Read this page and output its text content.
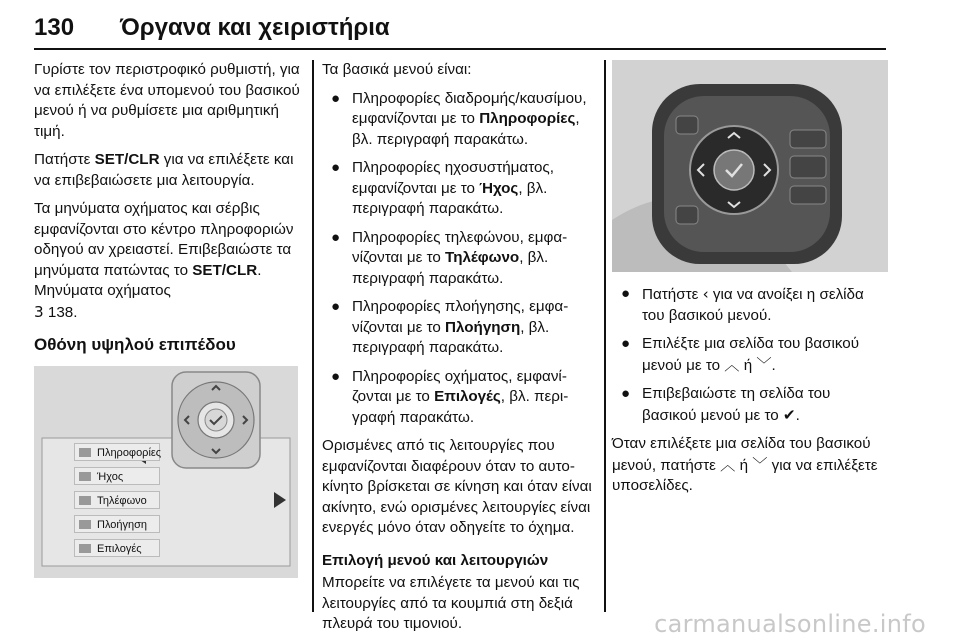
130 Όργανα και χειριστήρια

Γυρίστε τον περιστροφικό ρυθμιστή, για να επιλέξετε ένα υπομενού του βασικού μενού ή να ρυθμίσετε μια αριθμητική τιμή.

Πατήστε SET/CLR για να επιλέξετε και να επιβεβαιώσετε μια λειτουργία.

Τα μηνύματα οχήματος και σέρβις εμφανίζονται στο κέντρο πληροφοριών οδηγού αν χρειαστεί. Επιβεβαιώστε τα μηνύματα πατώντας το SET/CLR. Μηνύματα οχήματος
3 138.

Οθόνη υψηλού επιπέδου
Πληροφορίες
Ήχος
Τηλέφωνο
Πλοήγηση
Επιλογές

Τα βασικά μενού είναι:

● Πληροφορίες διαδρομής/καυσίμου, εμφανίζονται με το Πληροφορίες, βλ. περιγραφή παρακάτω.
● Πληροφορίες ηχοσυστήματος, εμφανίζονται με το Ήχος, βλ. περιγραφή παρακάτω.
● Πληροφορίες τηλεφώνου, εμφανίζονται με το Τηλέφωνο, βλ. περιγραφή παρακάτω.
● Πληροφορίες πλοήγησης, εμφανίζονται με το Πλοήγηση, βλ. περιγραφή παρακάτω.
● Πληροφορίες οχήματος, εμφανίζονται με το Επιλογές, βλ. περιγραφή παρακάτω.

Ορισμένες από τις λειτουργίες που εμφανίζονται διαφέρουν όταν το αυτοκίνητο βρίσκεται σε κίνηση και όταν είναι ακίνητο, ενώ ορισμένες λειτουργίες είναι ενεργές μόνο όταν οδηγείτε το όχημα.

Επιλογή μενού και λειτουργιών

Μπορείτε να επιλέγετε τα μενού και τις λειτουργίες από τα κουμπιά στη δεξιά πλευρά του τιμονιού.

● Πατήστε ‹ για να ανοίξει η σελίδα του βασικού μενού.
● Επιλέξτε μια σελίδα του βασικού μενού με το ︿ ή ﹀.
● Επιβεβαιώστε τη σελίδα του βασικού μενού με το ✔.

Όταν επιλέξετε μια σελίδα του βασικού μενού, πατήστε ︿ ή ﹀ για να επιλέξετε υποσελίδες.

carmanualsonline.info
